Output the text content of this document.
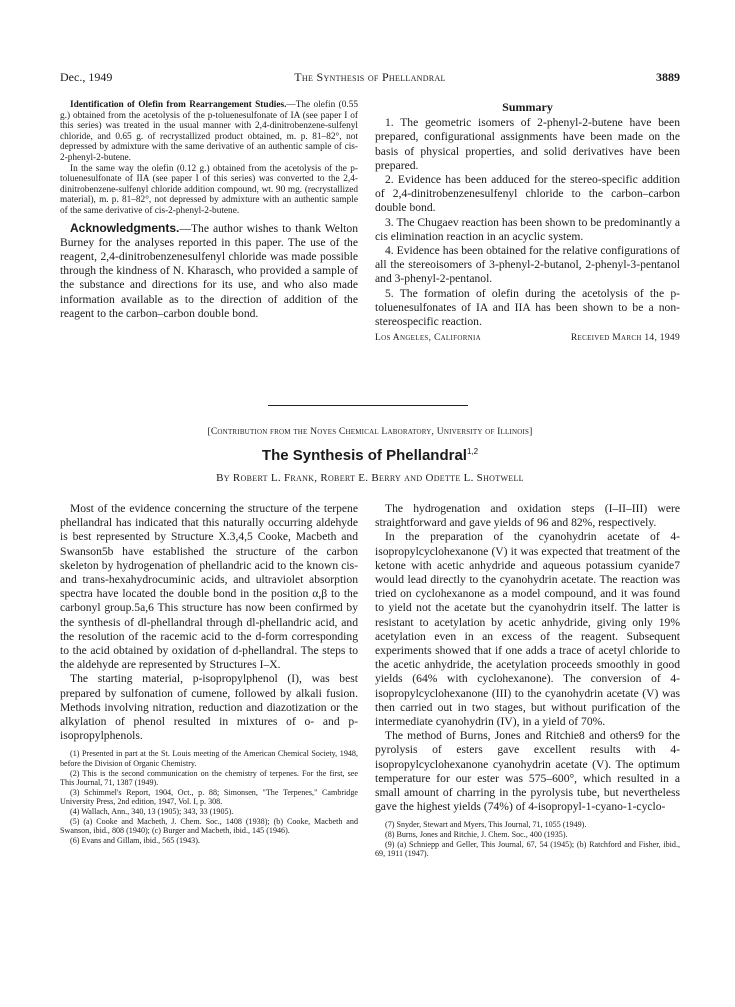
Dec., 1949	The Synthesis of Phellandral	3889

Identification of Olefin from Rearrangement Studies.—The olefin (0.55 g.) obtained from the acetolysis of the p-toluenesulfonate of IA (see paper I of this series) was treated in the usual manner with 2,4-dinitrobenzene-sulfenyl chloride, and 0.65 g. of recrystallized product obtained, m. p. 81–82°, not depressed by admixture with the same derivative of an authentic sample of cis-2-phenyl-2-butene.

In the same way the olefin (0.12 g.) obtained from the acetolysis of the p-toluenesulfonate of IIA (see paper I of this series) was converted to the 2,4-dinitrobenzene-sulfenyl chloride addition compound, wt. 90 mg. (recrystallized material), m. p. 81–82°, not depressed by admixture with an authentic sample of the same derivative of cis-2-phenyl-2-butene.

Acknowledgments.—The author wishes to thank Welton Burney for the analyses reported in this paper. The use of the reagent, 2,4-dinitrobenzenesulfenyl chloride was made possible through the kindness of N. Kharasch, who provided a sample of the substance and directions for its use, and who also made information available as to the direction of addition of the reagent to the carbon–carbon double bond.

Summary

1. The geometric isomers of 2-phenyl-2-butene have been prepared, configurational assignments have been made on the basis of physical properties, and solid derivatives have been prepared.

2. Evidence has been adduced for the stereo-specific addition of 2,4-dinitrobenzenesulfenyl chloride to the carbon–carbon double bond.

3. The Chugaev reaction has been shown to be predominantly a cis elimination reaction in an acyclic system.

4. Evidence has been obtained for the relative configurations of all the stereoisomers of 3-phenyl-2-butanol, 2-phenyl-3-pentanol and 3-phenyl-2-pentanol.

5. The formation of olefin during the acetolysis of the p-toluenesulfonates of IA and IIA has been shown to be a non-stereospecific reaction.

Los Angeles, California	Received March 14, 1949
[Contribution from the Noyes Chemical Laboratory, University of Illinois]
The Synthesis of Phellandral$^{1,2}$
By Robert L. Frank, Robert E. Berry and Odette L. Shotwell

Most of the evidence concerning the structure of the terpene phellandral has indicated that this naturally occurring aldehyde is best represented by Structure X.3,4,5 Cooke, Macbeth and Swanson5b have established the structure of the carbon skeleton by hydrogenation of phellandric acid to the known cis- and trans-hexahydrocuminic acids, and ultraviolet absorption spectra have located the double bond in the position α,β to the carbonyl group.5a,6 This structure has now been confirmed by the synthesis of dl-phellandral through dl-phellandric acid, and the resolution of the racemic acid to the d-form corresponding to the acid obtained by oxidation of d-phellandral. The steps to the aldehyde are represented by Structures I–X.

The starting material, p-isopropylphenol (I), was best prepared by sulfonation of cumene, followed by alkali fusion. Methods involving nitration, reduction and diazotization or the alkylation of phenol resulted in mixtures of o- and p-isopropylphenols.

(1) Presented in part at the St. Louis meeting of the American Chemical Society, 1948, before the Division of Organic Chemistry.

(2) This is the second communication on the chemistry of terpenes. For the first, see This Journal, 71, 1387 (1949).

(3) Schimmel's Report, 1904, Oct., p. 88; Simonsen, "The Terpenes," Cambridge University Press, 2nd edition, 1947, Vol. I, p. 308.

(4) Wallach, Ann., 340, 13 (1905); 343, 33 (1905).

(5) (a) Cooke and Macbeth, J. Chem. Soc., 1408 (1938); (b) Cooke, Macbeth and Swanson, ibid., 808 (1940); (c) Burger and Macbeth, ibid., 145 (1946).

(6) Evans and Gillam, ibid., 565 (1943).

The hydrogenation and oxidation steps (I–II–III) were straightforward and gave yields of 96 and 82%, respectively.

In the preparation of the cyanohydrin acetate of 4-isopropylcyclohexanone (V) it was expected that treatment of the ketone with acetic anhydride and aqueous potassium cyanide7 would lead directly to the cyanohydrin acetate. The reaction was tried on cyclohexanone as a model compound, and it was found to yield not the acetate but the cyanohydrin itself. The latter is resistant to acetylation by acetic anhydride, giving only 19% acetylation even in an excess of the reagent. Subsequent experiments showed that if one adds a trace of acetyl chloride to the acetic anhydride, the acetylation proceeds smoothly in good yields (64% with cyclohexanone). The conversion of 4-isopropylcyclohexanone (III) to the cyanohydrin acetate (V) was then carried out in two stages, but without purification of the intermediate cyanohydrin (IV), in a yield of 70%.

The method of Burns, Jones and Ritchie8 and others9 for the pyrolysis of esters gave excellent results with 4-isopropylcyclohexanone cyanohydrin acetate (V). The optimum temperature for our ester was 575–600°, which resulted in a small amount of charring in the pyrolysis tube, but nevertheless gave the highest yields (74%) of 4-isopropyl-1-cyano-1-cyclo-

(7) Snyder, Stewart and Myers, This Journal, 71, 1055 (1949).

(8) Burns, Jones and Ritchie, J. Chem. Soc., 400 (1935).

(9) (a) Schniepp and Geller, This Journal, 67, 54 (1945); (b) Ratchford and Fisher, ibid., 69, 1911 (1947).
